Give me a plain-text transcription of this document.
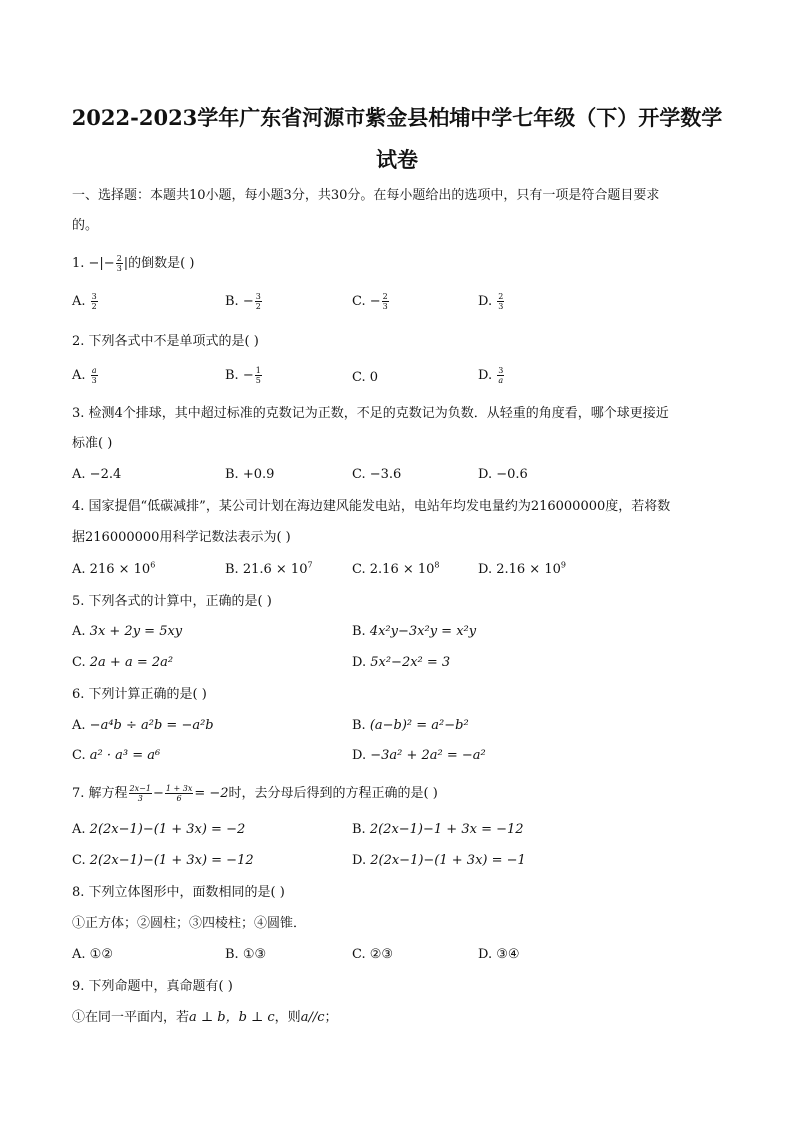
2022-2023学年广东省河源市紫金县柏埔中学七年级（下）开学数学
试卷
一、选择题：本题共10小题，每小题3分，共30分。在每小题给出的选项中，只有一项是符合题目要求
的。
1. −|− $\frac{2}{3}$ |的倒数是( )
A. $\frac{3}{2}$	B. − $\frac{3}{2}$	C. − $\frac{2}{3}$	D. $\frac{2}{3}$
2. 下列各式中不是单项式的是( )
A. $\frac{a}{3}$	B. − $\frac{1}{5}$	C. 0	D. $\frac{3}{a}$
3. 检测4个排球，其中超过标准的克数记为正数，不足的克数记为负数．从轻重的角度看，哪个球更接近
标准( )
A. −2.4	B. +0.9	C. −3.6	D. −0.6
4. 国家提倡“低碳减排”，某公司计划在海边建风能发电站，电站年均发电量约为216000000度，若将数
据216000000用科学记数法表示为( )
A. $216 \times 10^6$	B. $21.6 \times 10^7$	C. $2.16 \times 10^8$	D. $2.16 \times 10^9$
5. 下列各式的计算中，正确的是( )
A. 3x + 2y = 5xy	B. 4x²y−3x²y = x²y
C. 2a + a = 2a²	D. 5x²−2x² = 3
6. 下列计算正确的是( )
A. −a⁴b ÷ a²b = −a²b	B. (a−b)² = a²−b²
C. a² · a³ = a⁶	D. −3a² + 2a² = −a²
7. 解方程 $\frac{2x-1}{3} - \frac{1 + 3x}{6} = -2$时，去分母后得到的方程正确的是( )
A. 2(2x−1)−(1 + 3x) = −2	B. 2(2x−1)−1 + 3x = −12
C. 2(2x−1)−(1 + 3x) = −12	D. 2(2x−1)−(1 + 3x) = −1
8. 下列立体图形中，面数相同的是( )
①正方体；②圆柱；③四棱柱；④圆锥．
A. ①②	B. ①③	C. ②③	D. ③④
9. 下列命题中，真命题有( )
①在同一平面内，若a ⊥ b，b ⊥ c，则a//c；
